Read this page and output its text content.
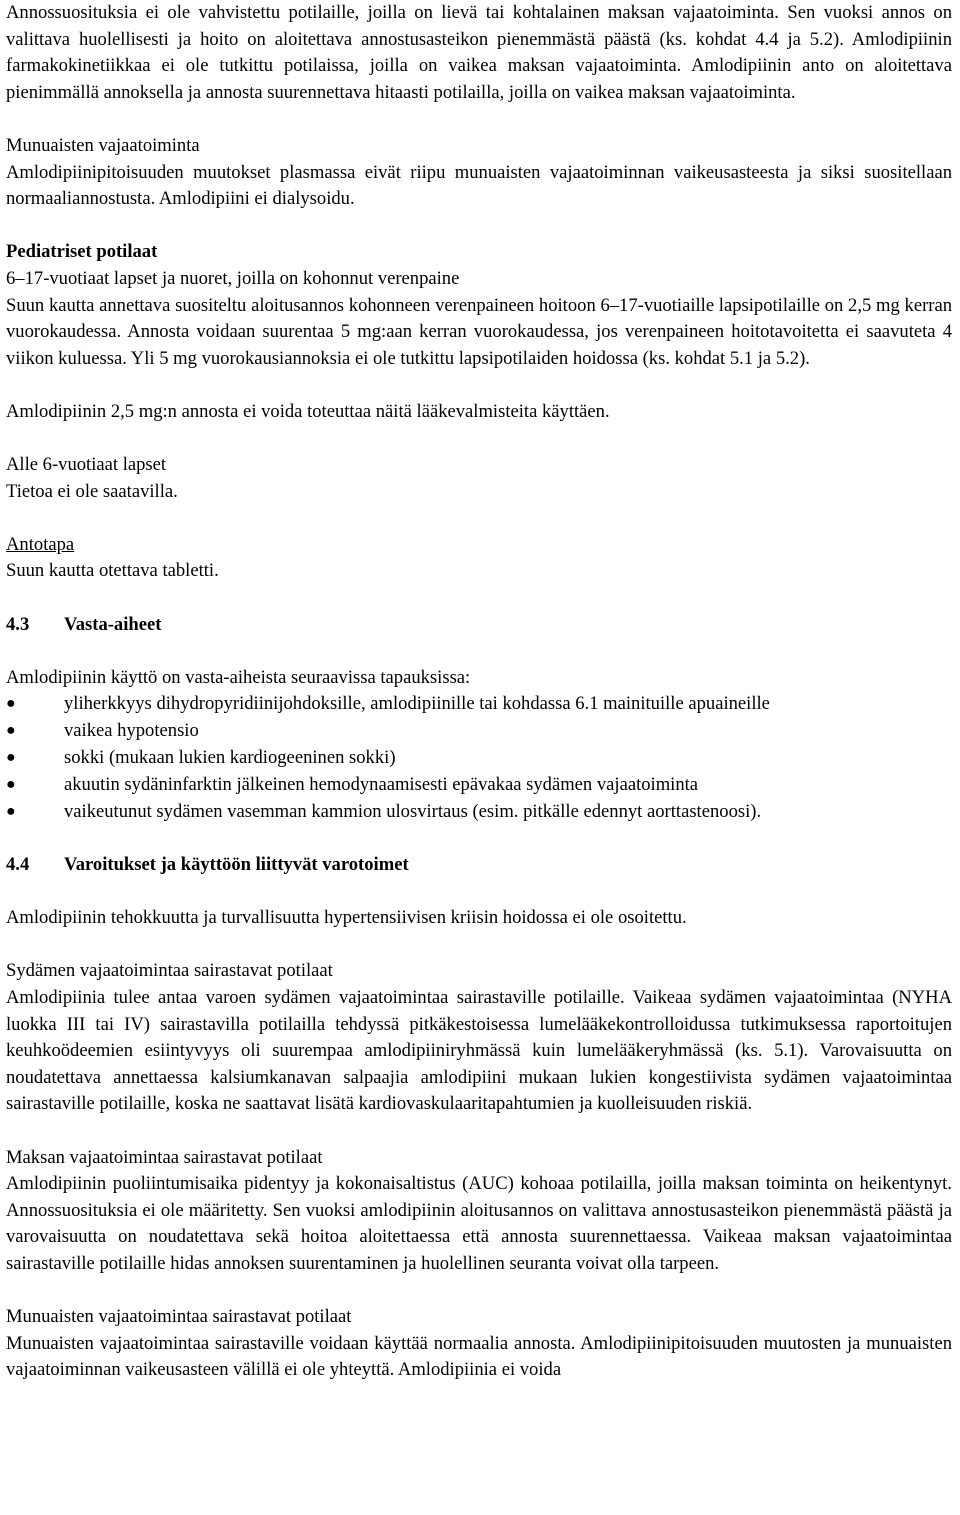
Annossuosituksia ei ole vahvistettu potilaille, joilla on lievä tai kohtalainen maksan vajaatoiminta. Sen vuoksi annos on valittava huolellisesti ja hoito on aloitettava annostusasteikon pienemmästä päästä (ks. kohdat 4.4 ja 5.2). Amlodipiinin farmakokinetiikkaa ei ole tutkittu potilaissa, joilla on vaikea maksan vajaatoiminta. Amlodipiinin anto on aloitettava pienimmällä annoksella ja annosta suurennettava hitaasti potilailla, joilla on vaikea maksan vajaatoiminta.

Munuaisten vajaatoiminta

Amlodipiinipitoisuuden muutokset plasmassa eivät riipu munuaisten vajaatoiminnan vaikeusasteesta ja siksi suositellaan normaaliannostusta. Amlodipiini ei dialysoidu.

Pediatriset potilaat

6–17-vuotiaat lapset ja nuoret, joilla on kohonnut verenpaine

Suun kautta annettava suositeltu aloitusannos kohonneen verenpaineen hoitoon 6–17-vuotiaille lapsipotilaille on 2,5 mg kerran vuorokaudessa. Annosta voidaan suurentaa 5 mg:aan kerran vuorokaudessa, jos verenpaineen hoitotavoitetta ei saavuteta 4 viikon kuluessa. Yli 5 mg vuorokausiannoksia ei ole tutkittu lapsipotilaiden hoidossa (ks. kohdat 5.1 ja 5.2).

Amlodipiinin 2,5 mg:n annosta ei voida toteuttaa näitä lääkevalmisteita käyttäen.

Alle 6-vuotiaat lapset

Tietoa ei ole saatavilla.

Antotapa

Suun kautta otettava tabletti.

4.3	Vasta-aiheet

Amlodipiinin käyttö on vasta-aiheista seuraavissa tapauksissa:

●	yliherkkyys dihydropyridiinijohdoksille, amlodipiinille tai kohdassa 6.1 mainituille apuaineille
●	vaikea hypotensio
●	sokki (mukaan lukien kardiogeeninen sokki)
●	akuutin sydäninfarktin jälkeinen hemodynaamisesti epävakaa sydämen vajaatoiminta
●	vaikeutunut sydämen vasemman kammion ulosvirtaus (esim. pitkälle edennyt aorttastenoosi).

4.4	Varoitukset ja käyttöön liittyvät varotoimet

Amlodipiinin tehokkuutta ja turvallisuutta hypertensiivisen kriisin hoidossa ei ole osoitettu.

Sydämen vajaatoimintaa sairastavat potilaat

Amlodipiinia tulee antaa varoen sydämen vajaatoimintaa sairastaville potilaille. Vaikeaa sydämen vajaatoimintaa (NYHA luokka III tai IV) sairastavilla potilailla tehdyssä pitkäkestoisessa lumelääkekontrolloidussa tutkimuksessa raportoitujen keuhkoödeemien esiintyvyys oli suurempaa amlodipiiniryhmässä kuin lumelääkeryhmässä (ks. 5.1). Varovaisuutta on noudatettava annettaessa kalsiumkanavan salpaajia amlodipiini mukaan lukien kongestiivista sydämen vajaatoimintaa sairastaville potilaille, koska ne saattavat lisätä kardiovaskulaaritapahtumien ja kuolleisuuden riskiä.

Maksan vajaatoimintaa sairastavat potilaat

Amlodipiinin puoliintumisaika pidentyy ja kokonaisaltistus (AUC) kohoaa potilailla, joilla maksan toiminta on heikentynyt. Annossuosituksia ei ole määritetty. Sen vuoksi amlodipiinin aloitusannos on valittava annostusasteikon pienemmästä päästä ja varovaisuutta on noudatettava sekä hoitoa aloitettaessa että annosta suurennettaessa. Vaikeaa maksan vajaatoimintaa sairastaville potilaille hidas annoksen suurentaminen ja huolellinen seuranta voivat olla tarpeen.

Munuaisten vajaatoimintaa sairastavat potilaat

Munuaisten vajaatoimintaa sairastaville voidaan käyttää normaalia annosta. Amlodipiinipitoisuuden muutosten ja munuaisten vajaatoiminnan vaikeusasteen välillä ei ole yhteyttä. Amlodipiinia ei voida
